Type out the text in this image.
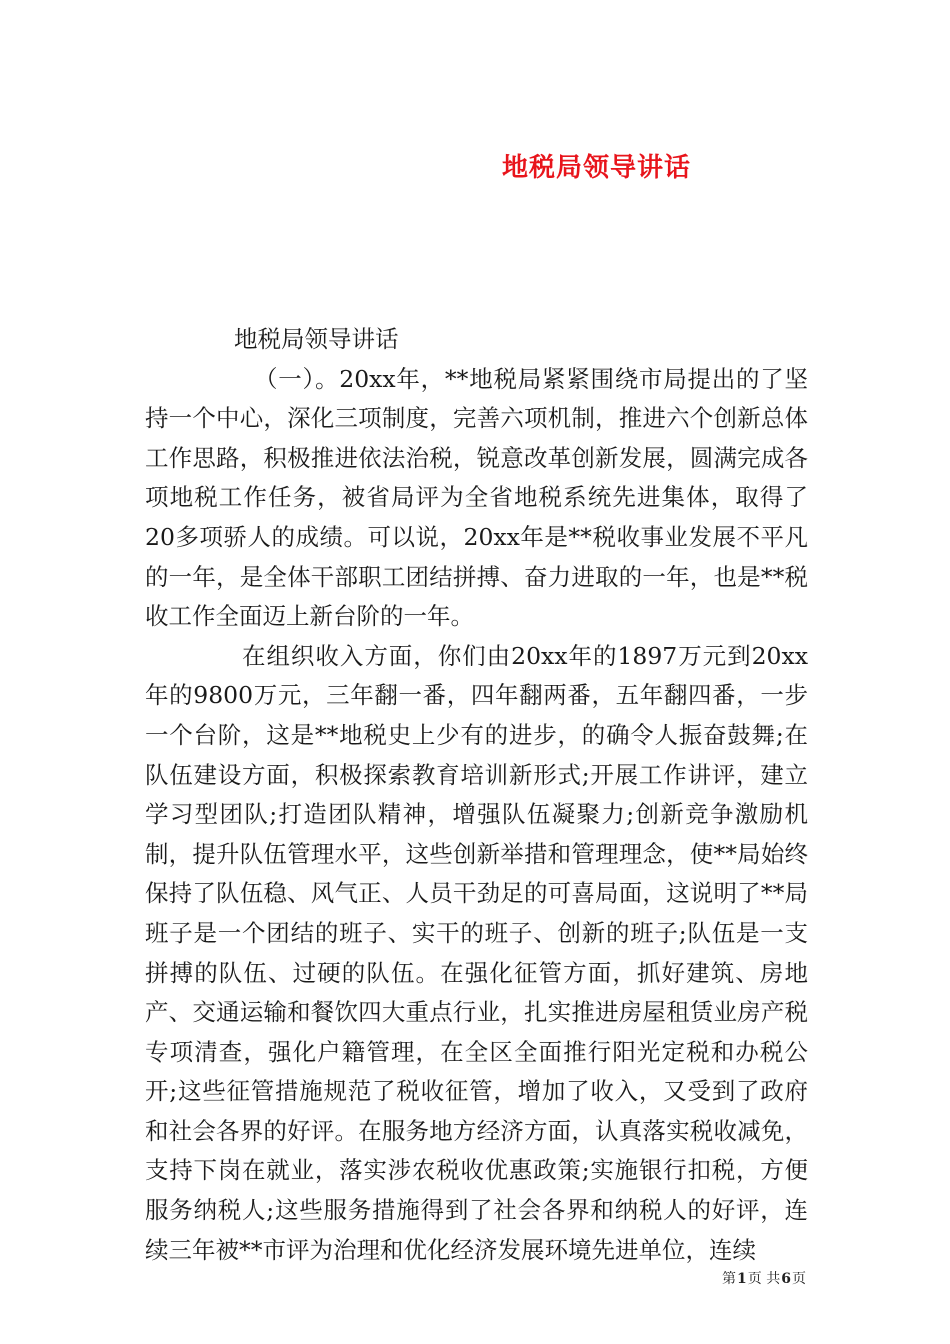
地税局领导讲话

地税局领导讲话

（一）。20xx年，**地税局紧紧围绕市局提出的了坚持一个中心，深化三项制度，完善六项机制，推进六个创新总体工作思路，积极推进依法治税，锐意改革创新发展，圆满完成各项地税工作任务，被省局评为全省地税系统先进集体，取得了20多项骄人的成绩。可以说，20xx年是**税收事业发展不平凡的一年，是全体干部职工团结拼搏、奋力进取的一年，也是**税收工作全面迈上新台阶的一年。

在组织收入方面，你们由20xx年的1897万元到20xx年的9800万元，三年翻一番，四年翻两番，五年翻四番，一步一个台阶，这是**地税史上少有的进步，的确令人振奋鼓舞;在队伍建设方面，积极探索教育培训新形式;开展工作讲评，建立学习型团队;打造团队精神，增强队伍凝聚力;创新竞争激励机制，提升队伍管理水平，这些创新举措和管理理念，使**局始终保持了队伍稳、风气正、人员干劲足的可喜局面，这说明了**局班子是一个团结的班子、实干的班子、创新的班子;队伍是一支拼搏的队伍、过硬的队伍。在强化征管方面，抓好建筑、房地产、交通运输和餐饮四大重点行业，扎实推进房屋租赁业房产税专项清查，强化户籍管理，在全区全面推行阳光定税和办税公开;这些征管措施规范了税收征管，增加了收入，又受到了政府和社会各界的好评。在服务地方经济方面，认真落实税收减免，支持下岗在就业，落实涉农税收优惠政策;实施银行扣税，方便服务纳税人;这些服务措施得到了社会各界和纳税人的好评，连续三年被**市评为治理和优化经济发展环境先进单位，连续

第1页 共6页
